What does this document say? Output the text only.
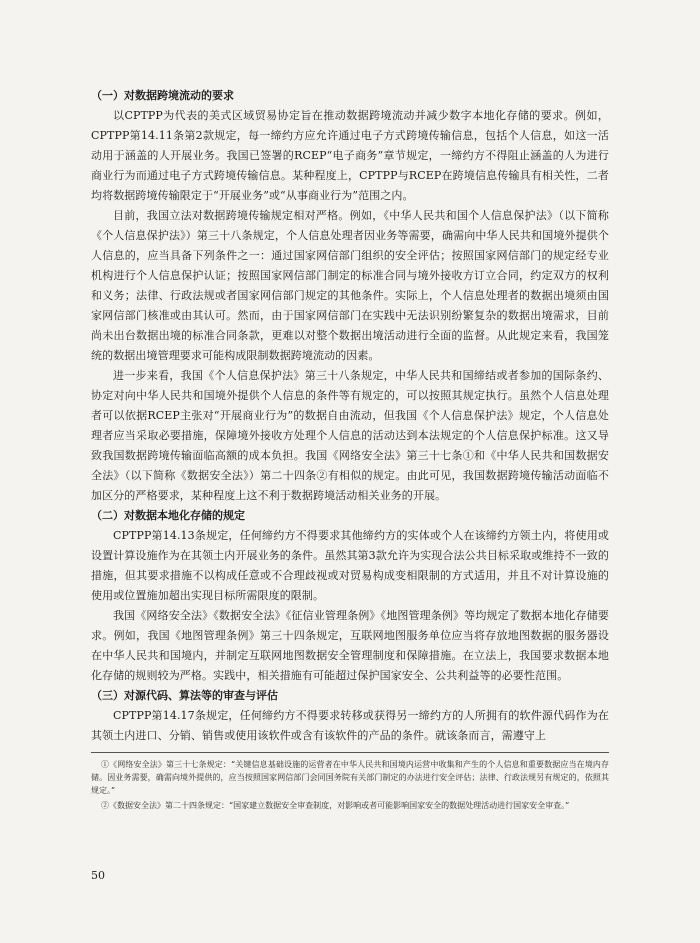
（一）对数据跨境流动的要求

以CPTPP为代表的美式区域贸易协定旨在推动数据跨境流动并减少数字本地化存储的要求。例如，CPTPP第14.11条第2款规定，每一缔约方应允许通过电子方式跨境传输信息，包括个人信息，如这一活动用于涵盖的人开展业务。我国已签署的RCEP“电子商务”章节规定，一缔约方不得阻止涵盖的人为进行商业行为而通过电子方式跨境传输信息。某种程度上，CPTPP与RCEP在跨境信息传输具有相关性，二者均将数据跨境传输限定于“开展业务”或“从事商业行为”范围之内。

目前，我国立法对数据跨境传输规定相对严格。例如，《中华人民共和国个人信息保护法》（以下简称《个人信息保护法》）第三十八条规定，个人信息处理者因业务等需要，确需向中华人民共和国境外提供个人信息的，应当具备下列条件之一：通过国家网信部门组织的安全评估；按照国家网信部门的规定经专业机构进行个人信息保护认证；按照国家网信部门制定的标准合同与境外接收方订立合同，约定双方的权利和义务；法律、行政法规或者国家网信部门规定的其他条件。实际上，个人信息处理者的数据出境须由国家网信部门核准或由其认可。然而，由于国家网信部门在实践中无法识别纷繁复杂的数据出境需求，目前尚未出台数据出境的标准合同条款，更难以对整个数据出境活动进行全面的监督。从此规定来看，我国笼统的数据出境管理要求可能构成限制数据跨境流动的因素。

进一步来看，我国《个人信息保护法》第三十八条规定，中华人民共和国缔结或者参加的国际条约、协定对向中华人民共和国境外提供个人信息的条件等有规定的，可以按照其规定执行。虽然个人信息处理者可以依据RCEP主张对“开展商业行为”的数据自由流动，但我国《个人信息保护法》规定，个人信息处理者应当采取必要措施，保障境外接收方处理个人信息的活动达到本法规定的个人信息保护标准。这又导致我国数据跨境传输面临高额的成本负担。我国《网络安全法》第三十七条①和《中华人民共和国数据安全法》（以下简称《数据安全法》）第二十四条②有相似的规定。由此可见，我国数据跨境传输活动面临不加区分的严格要求，某种程度上这不利于数据跨境活动相关业务的开展。

（二）对数据本地化存储的规定

CPTPP第14.13条规定，任何缔约方不得要求其他缔约方的实体或个人在该缔约方领土内，将使用或设置计算设施作为在其领土内开展业务的条件。虽然其第3款允许为实现合法公共目标采取或维持不一致的措施，但其要求措施不以构成任意或不合理歧视或对贸易构成变相限制的方式适用，并且不对计算设施的使用或位置施加超出实现目标所需限度的限制。

我国《网络安全法》《数据安全法》《征信业管理条例》《地图管理条例》等均规定了数据本地化存储要求。例如，我国《地图管理条例》第三十四条规定，互联网地图服务单位应当将存放地图数据的服务器设在中华人民共和国境内，并制定互联网地图数据安全管理制度和保障措施。在立法上，我国要求数据本地化存储的规则较为严格。实践中，相关措施有可能超过保护国家安全、公共利益等的必要性范围。

（三）对源代码、算法等的审查与评估

CPTPP第14.17条规定，任何缔约方不得要求转移或获得另一缔约方的人所拥有的软件源代码作为在其领土内进口、分销、销售或使用该软件或含有该软件的产品的条件。就该条而言，需遵守上

①《网络安全法》第三十七条规定：“关键信息基础设施的运营者在中华人民共和国境内运营中收集和产生的个人信息和重要数据应当在境内存储。因业务需要，确需向境外提供的，应当按照国家网信部门会同国务院有关部门制定的办法进行安全评估；法律、行政法规另有规定的，依照其规定。”

②《数据安全法》第二十四条规定：“国家建立数据安全审查制度，对影响或者可能影响国家安全的数据处理活动进行国家安全审查。”

50
